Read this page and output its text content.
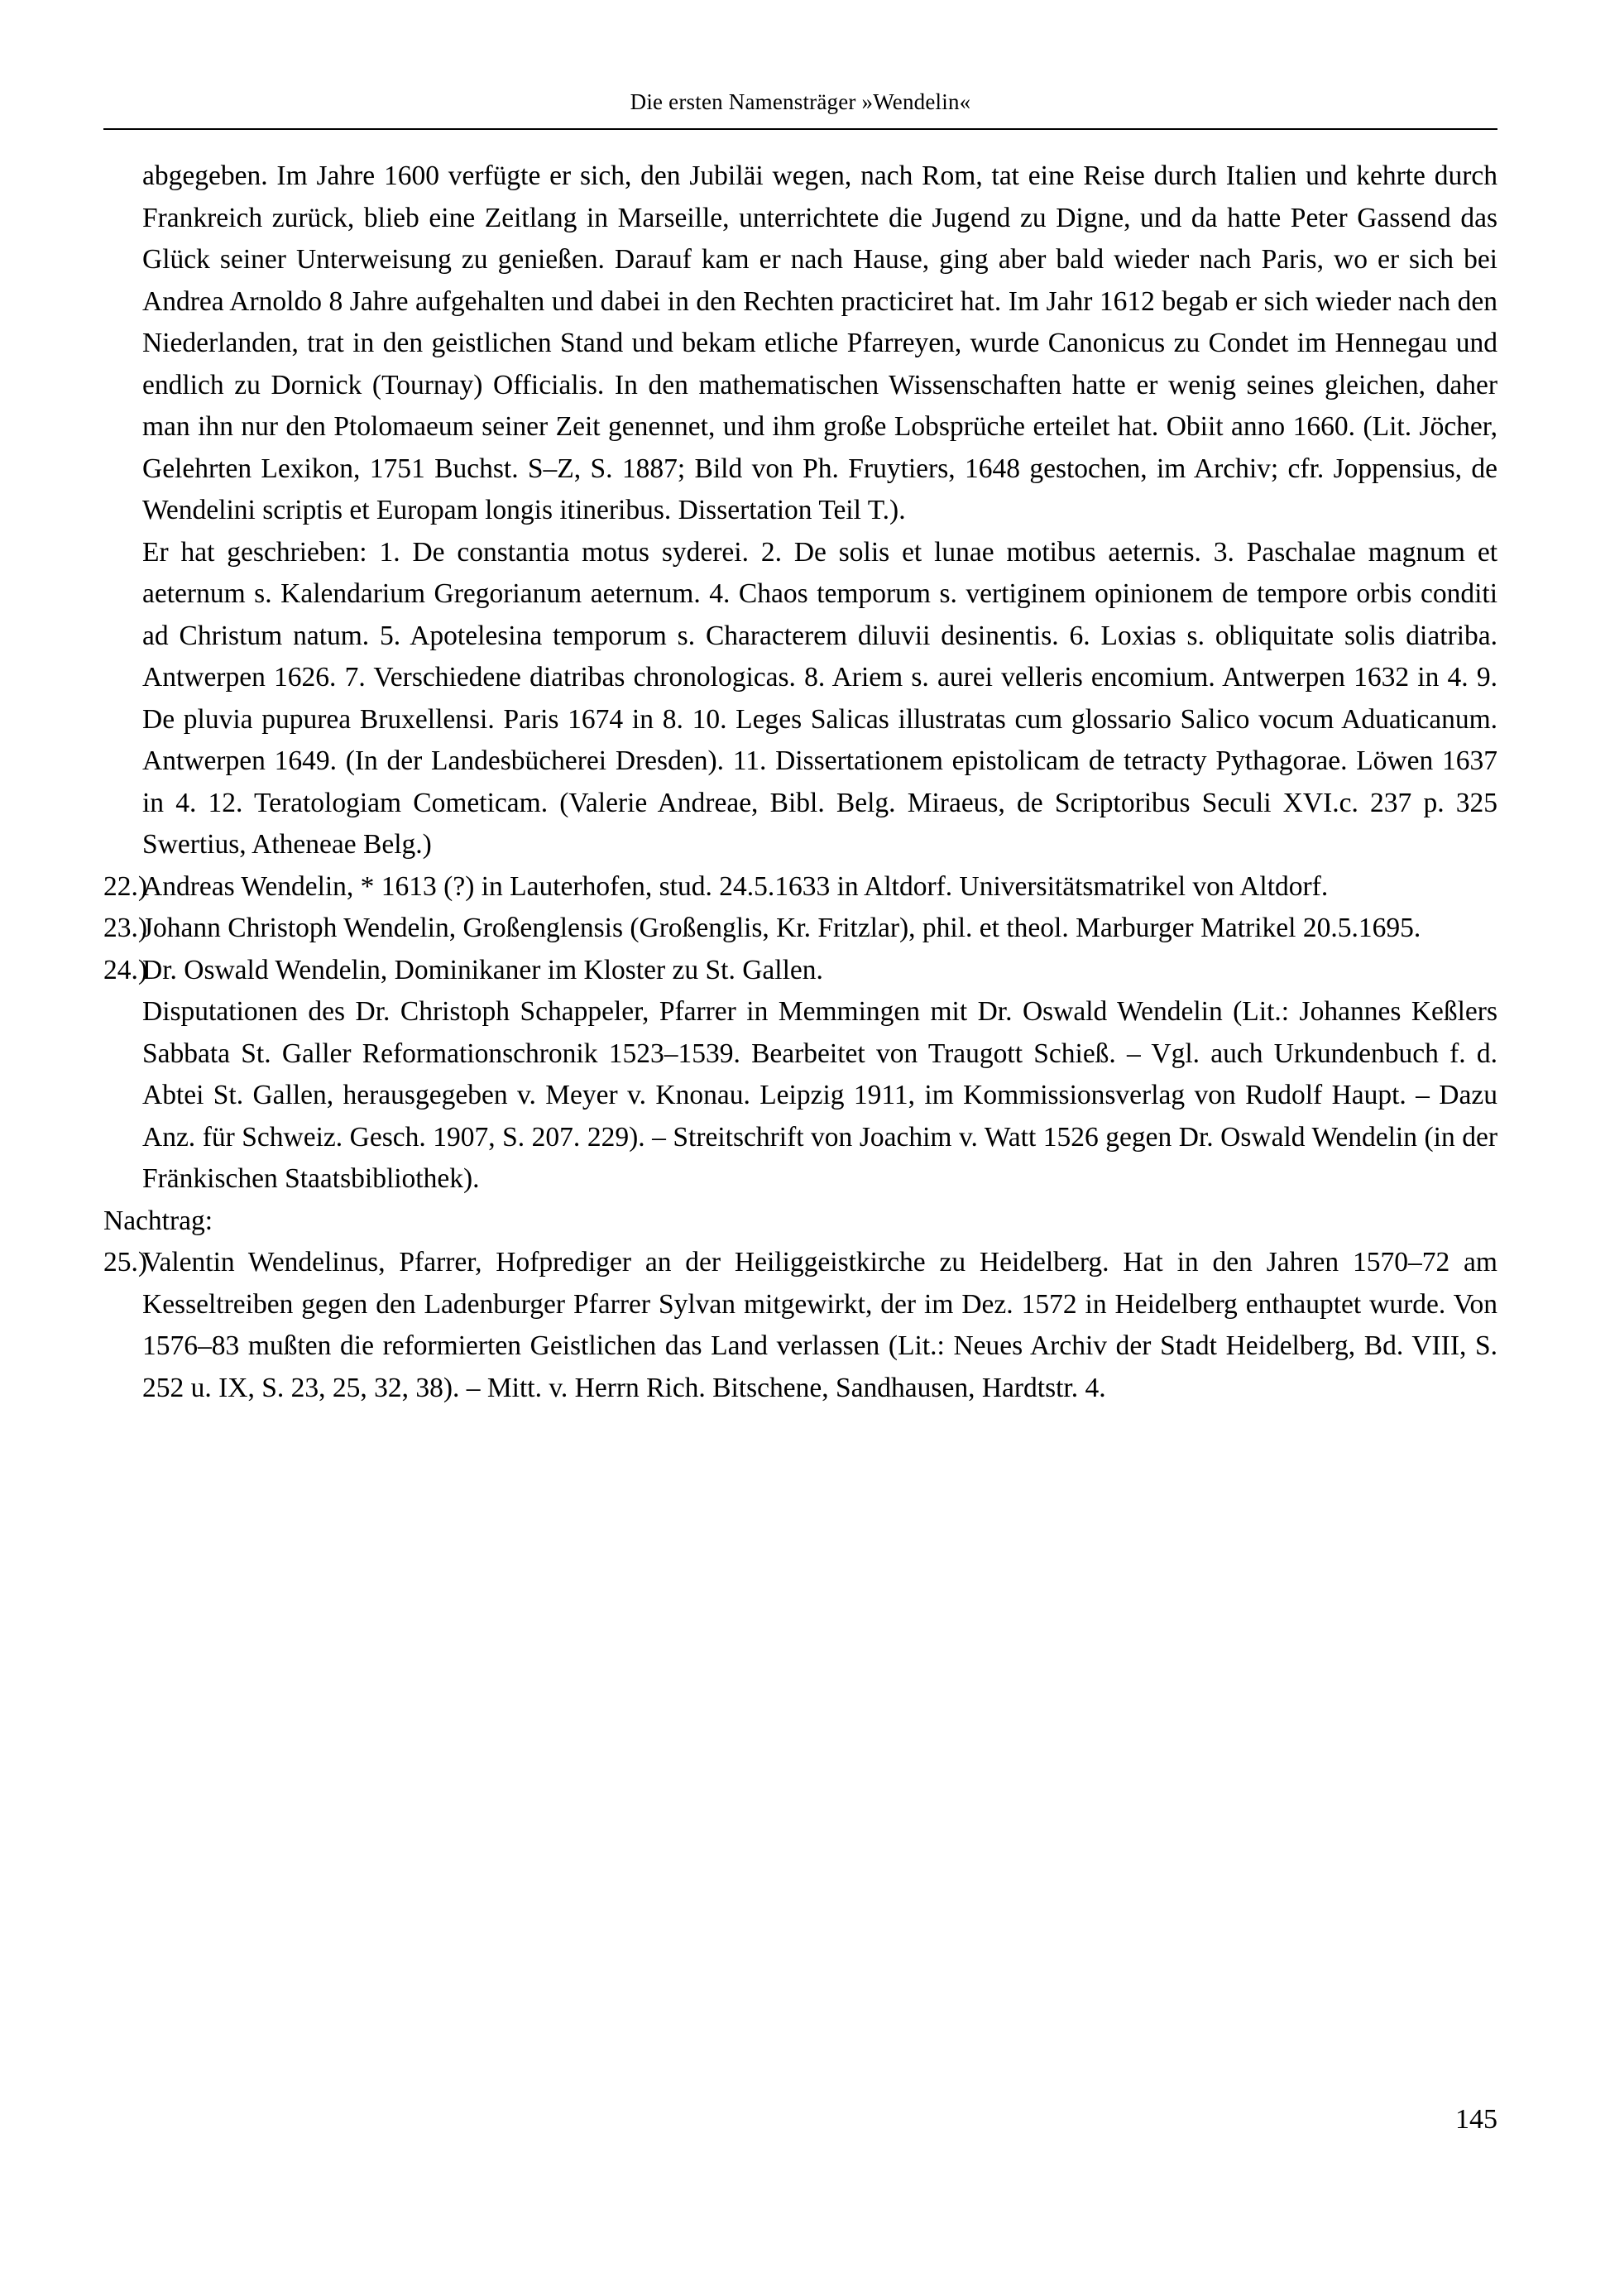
Die ersten Namensträger »Wendelin«

abgegeben. Im Jahre 1600 verfügte er sich, den Jubiläi wegen, nach Rom, tat eine Reise durch Italien und kehrte durch Frankreich zurück, blieb eine Zeitlang in Marseille, unterrichtete die Jugend zu Digne, und da hatte Peter Gassend das Glück seiner Unterweisung zu genießen. Darauf kam er nach Hause, ging aber bald wieder nach Paris, wo er sich bei Andrea Arnoldo 8 Jahre aufgehalten und dabei in den Rechten practiciret hat. Im Jahr 1612 begab er sich wieder nach den Niederlanden, trat in den geistlichen Stand und bekam etliche Pfarreyen, wurde Canonicus zu Condet im Hennegau und endlich zu Dornick (Tournay) Officialis. In den mathematischen Wissenschaften hatte er wenig seines gleichen, daher man ihn nur den Ptolomaeum seiner Zeit genennet, und ihm große Lobsprüche erteilet hat. Obiit anno 1660. (Lit. Jöcher, Gelehrten Lexikon, 1751 Buchst. S–Z, S. 1887; Bild von Ph. Fruytiers, 1648 gestochen, im Archiv; cfr. Joppensius, de Wendelini scriptis et Europam longis itineribus. Dissertation Teil T.).

Er hat geschrieben: 1. De constantia motus syderei. 2. De solis et lunae motibus aeternis. 3. Paschalae magnum et aeternum s. Kalendarium Gregorianum aeternum. 4. Chaos temporum s. vertiginem opinionem de tempore orbis conditi ad Christum natum. 5. Apotelesina temporum s. Characterem diluvii desinentis. 6. Loxias s. obliquitate solis diatriba. Antwerpen 1626. 7. Verschiedene diatribas chronologicas. 8. Ariem s. aurei velleris encomium. Antwerpen 1632 in 4. 9. De pluvia pupurea Bruxellensi. Paris 1674 in 8. 10. Leges Salicas illustratas cum glossario Salico vocum Aduaticanum. Antwerpen 1649. (In der Landesbücherei Dresden). 11. Dissertationem epistolicam de tetracty Pythagorae. Löwen 1637 in 4. 12. Teratologiam Cometicam. (Valerie Andreae, Bibl. Belg. Miraeus, de Scriptoribus Seculi XVI.c. 237 p. 325 Swertius, Atheneae Belg.)

22.)

Andreas Wendelin, * 1613 (?) in Lauterhofen, stud. 24.5.1633 in Altdorf. Universitätsmatrikel von Altdorf.

23.)

Johann Christoph Wendelin, Großenglensis (Großenglis, Kr. Fritzlar), phil. et theol. Marburger Matrikel 20.5.1695.

24.)

Dr. Oswald Wendelin, Dominikaner im Kloster zu St. Gallen.

Disputationen des Dr. Christoph Schappeler, Pfarrer in Memmingen mit Dr. Oswald Wendelin (Lit.: Johannes Keßlers Sabbata St. Galler Reformationschronik 1523–1539. Bearbeitet von Traugott Schieß. – Vgl. auch Urkundenbuch f. d. Abtei St. Gallen, herausgegeben v. Meyer v. Knonau. Leipzig 1911, im Kommissionsverlag von Rudolf Haupt. – Dazu Anz. für Schweiz. Gesch. 1907, S. 207. 229). – Streitschrift von Joachim v. Watt 1526 gegen Dr. Oswald Wendelin (in der Fränkischen Staatsbibliothek).

Nachtrag:

25.)

Valentin Wendelinus, Pfarrer, Hofprediger an der Heiliggeistkirche zu Heidelberg. Hat in den Jahren 1570–72 am Kesseltreiben gegen den Ladenburger Pfarrer Sylvan mitgewirkt, der im Dez. 1572 in Heidelberg enthauptet wurde. Von 1576–83 mußten die reformierten Geistlichen das Land verlassen (Lit.: Neues Archiv der Stadt Heidelberg, Bd. VIII, S. 252 u. IX, S. 23, 25, 32, 38). – Mitt. v. Herrn Rich. Bitschene, Sandhausen, Hardtstr. 4.

145
